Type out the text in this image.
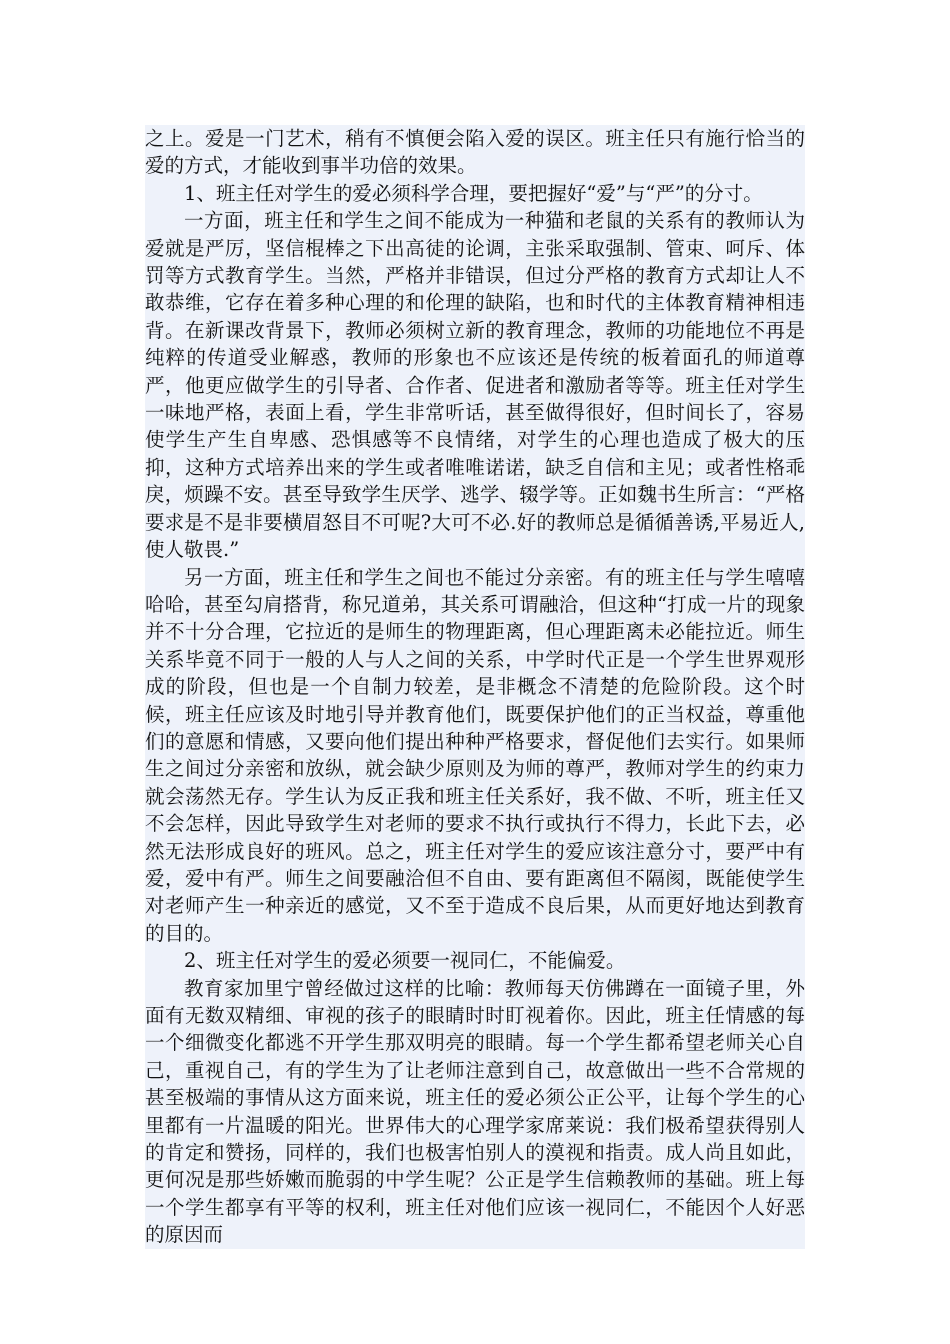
之上。爱是一门艺术，稍有不慎便会陷入爱的误区。班主任只有施行恰当的爱的方式，才能收到事半功倍的效果。

1、班主任对学生的爱必须科学合理，要把握好“爱”与“严”的分寸。

一方面，班主任和学生之间不能成为一种猫和老鼠的关系有的教师认为爱就是严厉，坚信棍棒之下出高徒的论调，主张采取强制、管束、呵斥、体罚等方式教育学生。当然，严格并非错误，但过分严格的教育方式却让人不敢恭维，它存在着多种心理的和伦理的缺陷，也和时代的主体教育精神相违背。在新课改背景下，教师必须树立新的教育理念，教师的功能地位不再是纯粹的传道受业解惑，教师的形象也不应该还是传统的板着面孔的师道尊严，他更应做学生的引导者、合作者、促进者和激励者等等。班主任对学生一味地严格，表面上看，学生非常听话，甚至做得很好，但时间长了，容易使学生产生自卑感、恐惧感等不良情绪，对学生的心理也造成了极大的压抑，这种方式培养出来的学生或者唯唯诺诺，缺乏自信和主见；或者性格乖戾，烦躁不安。甚至导致学生厌学、逃学、辍学等。正如魏书生所言：“严格要求是不是非要横眉怒目不可呢?大可不必.好的教师总是循循善诱,平易近人,使人敬畏.”

另一方面，班主任和学生之间也不能过分亲密。有的班主任与学生嘻嘻哈哈，甚至勾肩搭背，称兄道弟，其关系可谓融洽，但这种“打成一片的现象并不十分合理，它拉近的是师生的物理距离，但心理距离未必能拉近。师生关系毕竟不同于一般的人与人之间的关系，中学时代正是一个学生世界观形成的阶段，但也是一个自制力较差，是非概念不清楚的危险阶段。这个时候，班主任应该及时地引导并教育他们，既要保护他们的正当权益，尊重他们的意愿和情感，又要向他们提出种种严格要求，督促他们去实行。如果师生之间过分亲密和放纵，就会缺少原则及为师的尊严，教师对学生的约束力就会荡然无存。学生认为反正我和班主任关系好，我不做、不听，班主任又不会怎样，因此导致学生对老师的要求不执行或执行不得力，长此下去，必然无法形成良好的班风。总之，班主任对学生的爱应该注意分寸，要严中有爱，爱中有严。师生之间要融洽但不自由、要有距离但不隔阂，既能使学生对老师产生一种亲近的感觉，又不至于造成不良后果，从而更好地达到教育的目的。

2、班主任对学生的爱必须要一视同仁，不能偏爱。

教育家加里宁曾经做过这样的比喻：教师每天仿佛蹲在一面镜子里，外面有无数双精细、审视的孩子的眼睛时时盯视着你。因此，班主任情感的每一个细微变化都逃不开学生那双明亮的眼睛。每一个学生都希望老师关心自己，重视自己，有的学生为了让老师注意到自己，故意做出一些不合常规的甚至极端的事情从这方面来说，班主任的爱必须公正公平，让每个学生的心里都有一片温暖的阳光。世界伟大的心理学家席莱说：我们极希望获得别人的肯定和赞扬，同样的，我们也极害怕别人的漠视和指责。成人尚且如此，更何况是那些娇嫩而脆弱的中学生呢？公正是学生信赖教师的基础。班上每一个学生都享有平等的权利，班主任对他们应该一视同仁，不能因个人好恶的原因而
